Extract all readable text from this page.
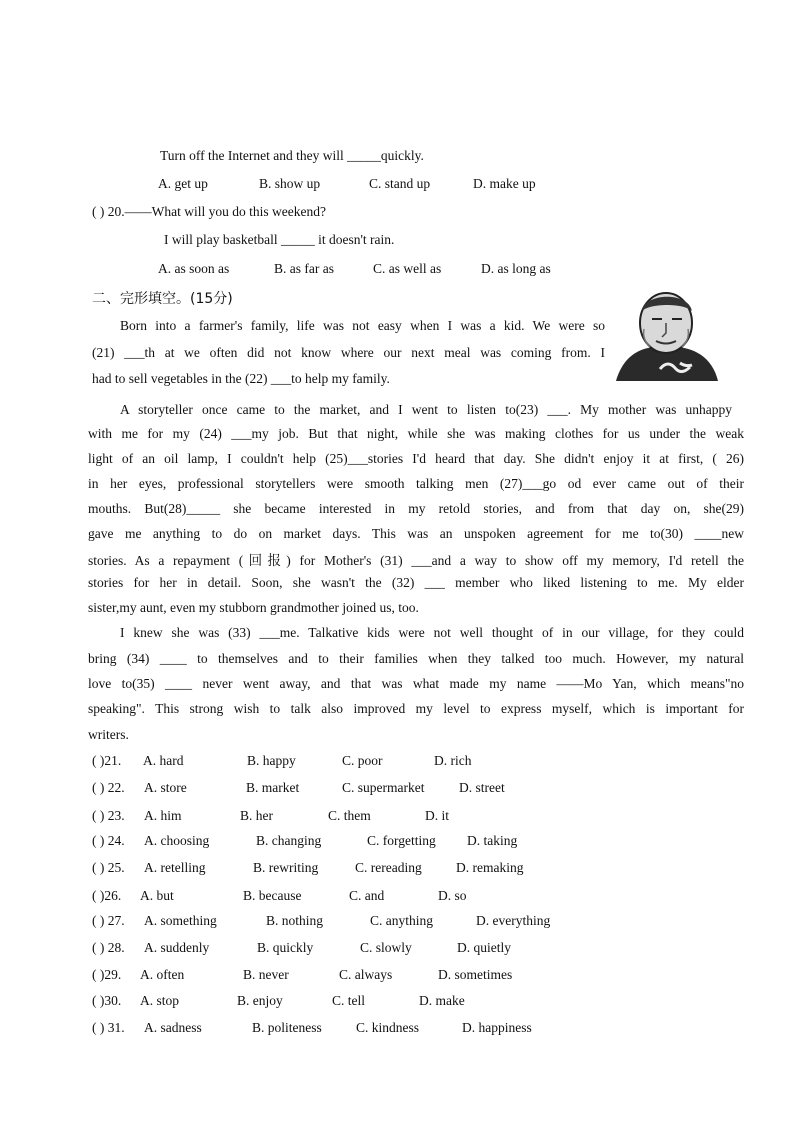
Turn off the Internet and they will _____quickly.
A. get up	B. show up	C. stand up	D. make up
( ) 20.——What will you do this weekend?
I will play basketball _____ it doesn't rain.
A. as soon as	B. as far as	C. as well as	D. as long as
二、完形填空。(15分)
Born into a farmer's family, life was not easy when I was a kid. We were so
(21) ___th at we often did not know where our next meal was coming from. I
had to sell vegetables in the (22) ___to help my family.
A storyteller once came to the market, and I went to listen to(23) ___. My mother was unhappy
with me for my (24) ___my job. But that night, while she was making clothes for us under the weak
light of an oil lamp, I couldn't help (25)___stories I'd heard that day. She didn't enjoy it at first, ( 26)
in her eyes, professional storytellers were smooth talking men (27)___go od ever came out of their
mouths. But(28)_____ she became interested in my retold stories, and from that day on, she(29)
gave me anything to do on market days. This was an unspoken agreement for me to(30) ____new
stories. As a repayment (回报) for Mother's (31) ___and a way to show off my memory, I'd retell the
stories for her in detail. Soon, she wasn't the (32) ___ member who liked listening to me. My elder
sister,my aunt, even my stubborn grandmother joined us, too.
I knew she was (33) ___me. Talkative kids were not well thought of in our village, for they could
bring (34) ____ to themselves and to their families when they talked too much. However, my natural
love to(35) ____ never went away, and that was what made my name ——Mo Yan, which means"no
speaking". This strong wish to talk also improved my level to express myself, which is important for
writers.
( )21. A. hard	B. happy	C. poor	D. rich
( ) 22. A. store	B. market	C. supermarket	D. street
( ) 23. A. him	B. her	C. them	D. it
( ) 24. A. choosing	B. changing	C. forgetting D. taking
( ) 25. A. retelling	B. rewriting	C. rereading	D. remaking
( )26. A. but	B. because	C. and	D. so
( ) 27. A. something	B. nothing	C. anything	D. everything
( ) 28. A. suddenly	B. quickly	C. slowly	D. quietly
( )29. A. often	B. never	C. always	D. sometimes
( )30. A. stop	B. enjoy	C. tell	D. make
( ) 31. A. sadness	B. politeness	C. kindness	D. happiness
